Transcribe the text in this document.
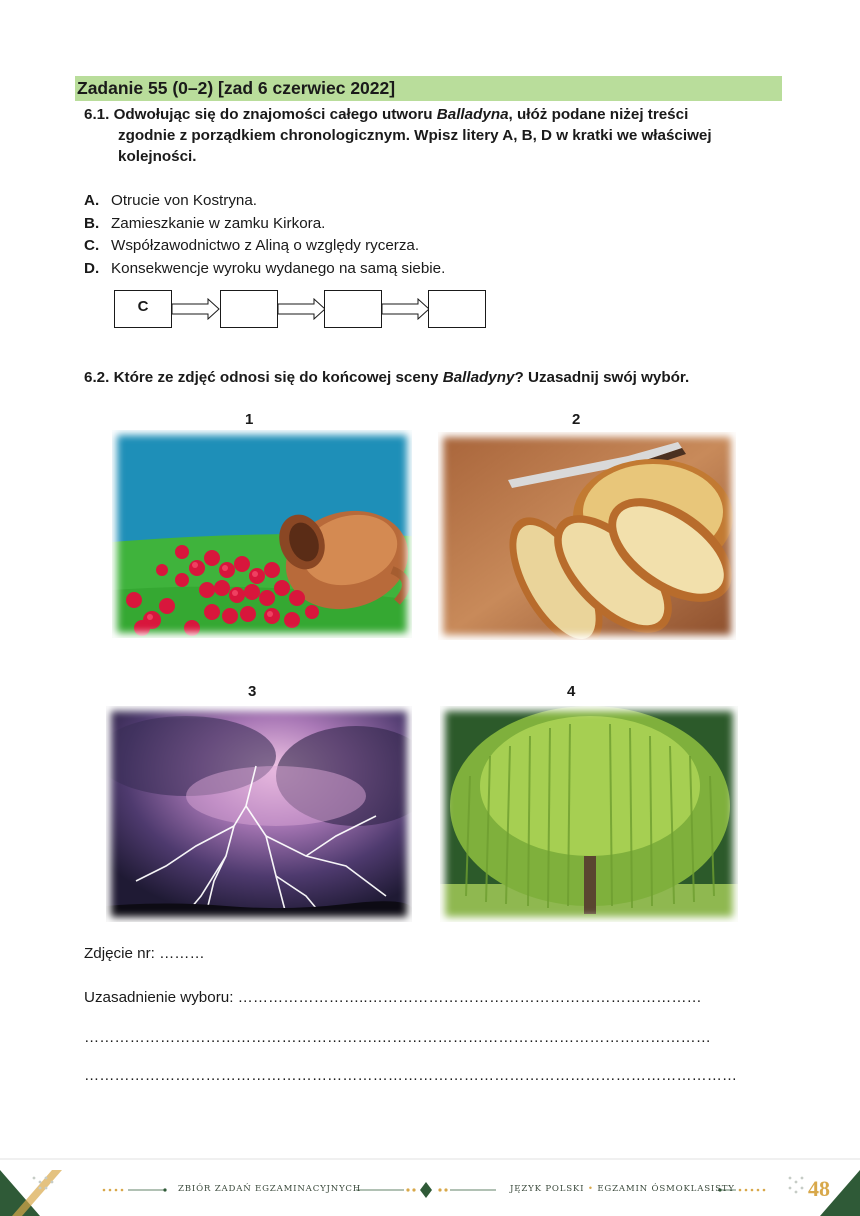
Zadanie 55 (0–2) [zad 6 czerwiec 2022]
6.1. Odwołując się do znajomości całego utworu Balladyna, ułóż podane niżej treści
zgodnie z porządkiem chronologicznym. Wpisz litery A, B, D w kratki we właściwej
kolejności.
A. Otrucie von Kostryna.
B. Zamieszkanie w zamku Kirkora.
C. Współzawodnictwo z Aliną o względy rycerza.
D. Konsekwencje wyroku wydanego na samą siebie.
C
6.2. Które ze zdjęć odnosi się do końcowej sceny Balladyny? Uzasadnij swój wybór.
1	2
3	4
Zdjęcie nr: ………
Uzasadnienie wyboru: ……………………..…………………………………………………………
………………………………………………….…………………………………………………………
…………………………………………………………………………………………………………………
ZBIÓR ZADAŃ EGZAMINACYJNYCH	JĘZYK POLSKI • EGZAMIN ÓSMOKLASISTY	48
